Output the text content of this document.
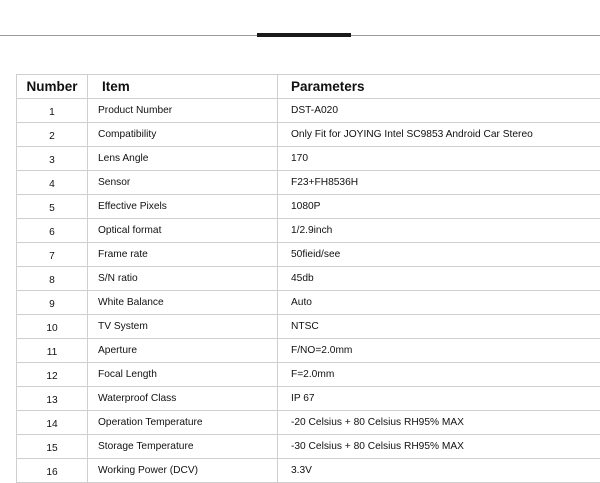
Number	Item	Parameters
1	Product Number	DST-A020
2	Compatibility	Only Fit for JOYING Intel SC9853 Android Car Stereo
3	Lens Angle	170
4	Sensor	F23+FH8536H
5	Effective Pixels	1080P
6	Optical format	1/2.9inch
7	Frame rate	50fieid/see
8	S/N ratio	45db
9	White Balance	Auto
10	TV System	NTSC
11	Aperture	F/NO=2.0mm
12	Focal Length	F=2.0mm
13	Waterproof Class	IP 67
14	Operation Temperature	-20 Celsius + 80 Celsius RH95% MAX
15	Storage Temperature	-30 Celsius + 80 Celsius RH95% MAX
16	Working Power (DCV)	3.3V
